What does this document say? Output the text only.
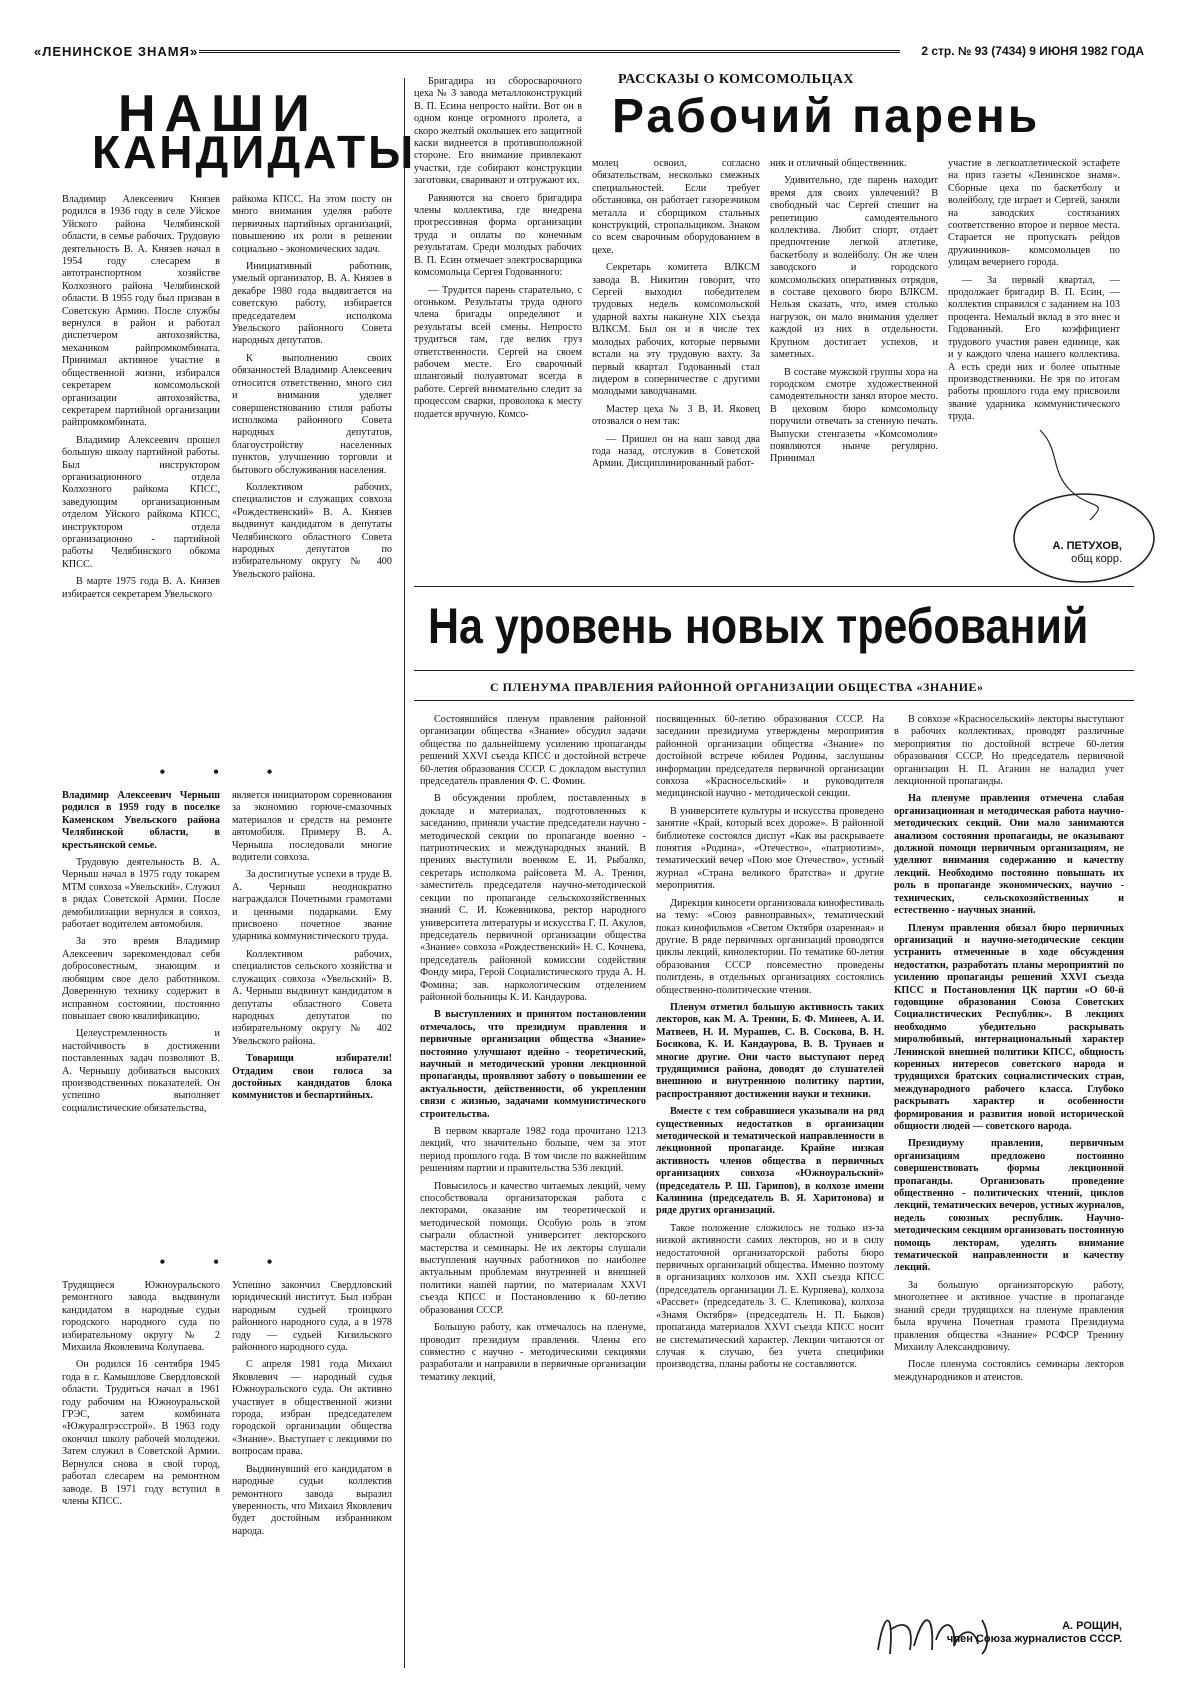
«ЛЕНИНСКОЕ ЗНАМЯ»	2 стр. № 93 (7434) 9 ИЮНЯ 1982 ГОДА
НАШИ
КАНДИДАТЫ

Владимир Алексеевич Князев родился в 1936 году в селе Уйское Уйского района Челябинской области, в семье рабочих. Трудовую деятельность В. А. Князев начал в 1954 году слесарем в автотранспортном хозяйстве Колхозного района Челябинской области. В 1955 году был призван в Советскую Армию. После службы вернулся в район и работал диспетчером автохозяйства, механиком райпромкомбината. Принимал активное участие в общественной жизни, избирался секретарем комсомольской организации автохозяйства, секретарем партийной организации райпромкомбината.

Владимир Алексеевич прошел большую школу партийной работы. Был инструктором организационного отдела Колхозного райкома КПСС, заведующим организационным отделом Уйского райкома КПСС, инструктором отдела организационно - партийной работы Челябинского обкома КПСС.

В марте 1975 года В. А. Князев избирается секретарем Увельского

райкома КПСС. На этом посту он много внимания уделяя работе первичных партийных организаций, повышению их роли в решении социально - экономических задач.

Инициативный работник, умелый организатор, В. А. Князев в декабре 1980 года выдвигается на советскую работу, избирается председателем исполкома Увельского районного Совета народных депутатов.

К выполнению своих обязанностей Владимир Алексеевич относится ответственно, много сил и внимания уделяет совершенствованию стиля работы исполкома районного Совета народных депутатов, благоустройству населенных пунктов, улучшению торговли и бытового обслуживания населения.

Коллективом рабочих, специалистов и служащих совхоза «Рождественский» В. А. Князев выдвинут кандидатом в депутаты Челябинского областного Совета народных депутатов по избирательному округу № 400 Увельского района.

• • •

Владимир Алексеевич Черныш родился в 1959 году в поселке Каменском Увельского района Челябинской области, в крестьянской семье.

Трудовую деятельность В. А. Черныш начал в 1975 году токарем МТМ совхоза «Увельский». Служил в рядах Советской Армии. После демобилизации вернулся в совхоз, работает водителем автомобиля.

За это время Владимир Алексеевич зарекомендовал себя добросовестным, знающим и любящим свое дело работником. Доверенную технику содержит в исправном состоянии, постоянно повышает свою квалификацию.

Целеустремленность и настойчивость в достижении поставленных задач позволяют В. А. Чернышу добиваться высоких производственных показателей. Он успешно выполняет социалистические обязательства,

является инициатором соревнования за экономию горюче-смазочных материалов и средств на ремонте автомобиля. Примеру В. А. Черныша последовали многие водители совхоза.

За достигнутые успехи в труде В. А. Черныш неоднократно награждался Почетными грамотами и ценными подарками. Ему присвоено почетное звание ударника коммунистического труда.

Коллективом рабочих, специалистов сельского хозяйства и служащих совхоза «Увельский» В. А. Черныш выдвинут кандидатом в депутаты областного Совета народных депутатов по избирательному округу № 402 Увельского района.

Товарищи избиратели! Отдадим свои голоса за достойных кандидатов блока коммунистов и беспартийных.

• • •

Трудящиеся Южноуральского ремонтного завода выдвинули кандидатом в народные судьи городского народного суда по избирательному округу № 2 Михаила Яковлевича Колупаева.

Он родился 16 сентября 1945 года в г. Камышлове Свердловской области. Трудиться начал в 1961 году рабочим на Южноуральской ГРЭС, затем комбината «Южуралгрэсстрой». В 1963 году окончил школу рабочей молодежи. Затем служил в Советской Армии. Вернулся снова в свой город, работал слесарем на ремонтном заводе. В 1971 году вступил в члены КПСС.

Успешно закончил Свердловский юридический институт. Был избран народным судьей троицкого районного народного суда, а в 1978 году — судьей Кизильского районного народного суда.

С апреля 1981 года Михаил Яковлевич — народный судья Южноуральского суда. Он активно участвует в общественной жизни города, избран председателем городской организации общества «Знание». Выступает с лекциями по вопросам права.

Выдвинувший его кандидатом в народные судьи коллектив ремонтного завода выразил уверенность, что Михаил Яковлевич будет достойным избранником народа.

РАССКАЗЫ О КОМСОМОЛЬЦАХ
Рабочий парень

Бригадира из сборосварочного цеха № 3 завода металлоконструкций В. П. Есина непросто найти. Вот он в одном конце огромного пролета, а скоро желтый околышек его защитной каски виднеется в противоположной стороне. Его внимание привлекают участки, где собирают конструкции заготовки, сваривают и отгружают их.

Равняются на своего бригадира члены коллектива, где внедрена прогрессивная форма организации труда и оплаты по конечным результатам. Среди молодых рабочих В. П. Есин отмечает электросварщика комсомольца Сергея Годованного:

— Трудится парень старательно, с огоньком. Результаты труда одного члена бригады определяют и результаты всей смены. Непросто трудиться там, где велик груз ответственности. Сергей на своем рабочем месте. Его сварочный шланговый полуавтомат всегда в работе. Сергей внимательно следит за процессом сварки, проволока к месту подается вручную. Комсо-

молец освоил, согласно обязательствам, несколько смежных специальностей. Если требует обстановка, он работает газорезчиком металла и сборщиком стальных конструкций, стропальщиком. Знаком со всем сварочным оборудованием в цехе.

Секретарь комитета ВЛКСМ завода В. Никитин говорит, что Сергей выходил победителем трудовых недель комсомольской ударной вахты накануне XIX съезда ВЛКСМ. Был он и в числе тех молодых рабочих, которые первыми встали на эту трудовую вахту. За первый квартал Годованный стал лидером в соперничестве с другими молодыми заводчанами.

Мастер цеха № 3 В. И. Яковец отозвался о нем так:

— Пришел он на наш завод два года назад, отслужив в Советской Армии. Дисциплинированный работ-

ник и отличный общественник.

Удивительно, где парень находит время для своих увлечений? В свободный час Сергей спешит на репетицию самодеятельного коллектива. Любит спорт, отдает предпочтение легкой атлетике, баскетболу и волейболу. Он же член заводского и городского комсомольских оперативных отрядов, в составе цехового бюро ВЛКСМ. Нельзя сказать, что, имея столько нагрузок, он мало внимания уделяет каждой из них в отдельности. Крупном достигает успехов, и заметных.

В составе мужской группы хора на городском смотре художественной самодеятельности занял второе место. В цеховом бюро комсомольцу поручили отвечать за стенную печать. Выпуски стенгазеты «Комсомолия» появляются нынче регулярно. Принимал

участие в легкоатлетической эстафете на приз газеты «Ленинское знамя». Сборные цеха по баскетболу и волейболу, где играет и Сергей, заняли на заводских состязаниях соответственно второе и первое места. Старается не пропускать рейдов дружинников- комсомольцев по улицам вечернего города.

— За первый квартал, — продолжает бригадир В. П. Есин, — коллектив справился с заданием на 103 процента. Немалый вклад в это внес и Годованный. Его коэффициент трудового участия равен единице, как и у каждого члена нашего коллектива. А есть среди них и более опытные производственники. Не зря по итогам работы прошлого года ему присвоили звание ударника коммунистического труда.

А. ПЕТУХОВ,
общ корр.
На уровень новых требований
С ПЛЕНУМА ПРАВЛЕНИЯ РАЙОННОЙ ОРГАНИЗАЦИИ ОБЩЕСТВА «ЗНАНИЕ»

Состоявшийся пленум правления районной организации общества «Знание» обсудил задачи общества по дальнейшему усилению пропаганды решений XXVI съезда КПСС и достойной встрече 60-летия образования СССР. С докладом выступил председатель правления Ф. С. Фомин.

В обсуждении проблем, поставленных в докладе и материалах, подготовленных к заседанию, приняли участие председатели научно - методической секции по пропаганде военно - патриотических и международных знаний. В прениях выступили военком Е. И. Рыбалко, секретарь исполкома райсовета М. А. Тренин, заместитель председателя научно-методической секции по пропаганде сельскохозяйственных знаний С. И. Кожевникова, ректор народного университета литературы и искусства Г. П. Акулов, председатель первичной организации общества «Знание» совхоза «Рождественский» Н. С. Кочнева, председатель районной комиссии содействия Фонду мира, Герой Социалистического труда А. Н. Фомина; зав. наркологическим отделением районной больницы К. И. Кандаурова.

В выступлениях и принятом постановлении отмечалось, что президиум правления и первичные организации общества «Знание» постоянно улучшают идейно - теоретический, научный и методический уровни лекционной пропаганды, проявляют заботу о повышении ее актуальности, действенности, об укреплении связи с жизнью, задачами коммунистического строительства.

В первом квартале 1982 года прочитано 1213 лекций, что значительно больше, чем за этот период прошлого года. В том числе по важнейшим решениям партии и правительства 536 лекций.

Повысилось и качество читаемых лекций, чему способствовала организаторская работа с лекторами, оказание им теоретической и методической помощи. Особую роль в этом сыграли областной университет лекторского мастерства и семинары. Не их лекторы слушали выступления научных работников по наиболее актуальным проблемам внутренней и внешней политики нашей партии, по материалам XXVI съезда КПСС и Постановлению к 60-летию образования СССР.

Большую работу, как отмечалось на пленуме, проводит президиум правления. Члены его совместно с научно - методическими секциями разработали и направили в первичные организации тематику лекций,

посвященных 60-летию образования СССР. На заседании президиума утверждены мероприятия районной организации общества «Знание» по достойной встрече юбилея Родины, заслушаны информации председателя первичной организации совхоза «Красносельский» и руководителя медицинской научно - методической секции.

В университете культуры и искусства проведено занятие «Край, который всех дороже». В районной библиотеке состоялся диспут «Как вы раскрываете понятия «Родина», «Отечество», «патриотизм», тематический вечер «Пою мое Отечество», устный журнал «Страна великого братства» и другие мероприятия.

Дирекция киносети организовала кинофестиваль на тему: «Союз равноправных», тематический показ кинофильмов «Светом Октября озаренная» и другие. В ряде первичных организаций проводятся циклы лекций, кинолектории. По тематике 60-летия образования СССР повсеместно проведены политдень, в отдельных организациях состоялись общественно-политические чтения.

Пленум отметил большую активность таких лекторов, как М. А. Тренин, Б. Ф. Минеев, А. И. Матвеев, Н. И. Мурашев, С. В. Соскова, В. Н. Босякова, К. И. Кандаурова, В. В. Трунаев и многие другие. Они часто выступают перед трудящимися района, доводят до слушателей внешнюю и внутреннюю политику партии, распространяют достижения науки и техники.

Вместе с тем собравшиеся указывали на ряд существенных недостатков в организации методической и тематической направленности в лекционной пропаганде. Крайне низкая активность членов общества в первичных организациях совхоза «Южноуральский» (председатель Р. Ш. Гарипов), в колхозе имени Калинина (председатель В. Я. Харитонова) и ряде других организаций.

Такое положение сложилось не только из-за низкой активности самих лекторов, но и в силу недостаточной организаторской работы бюро первичных организаций общества. Именно поэтому в организациях колхозов им. XXII съезда КПСС (председатель организации Л. Е. Курпяева), колхоза «Рассвет» (председатель З. С. Клепикова), колхоза «Знамя Октября» (председатель Н. П. Быков) пропаганда материалов XXVI съезда КПСС носит не систематический характер. Лекции читаются от случая к случаю, без учета специфики производства, планы работы не составляются.

В совхозе «Красносельский» лекторы выступают в рабочих коллективах, проводят различные мероприятия по достойной встрече 60-летия образования СССР. Но председатель первичной организации Н. П. Аганин не наладил учет лекционной пропаганды.

На пленуме правления отмечена слабая организационная и методическая работа научно-методических секций. Они мало занимаются анализом состояния пропаганды, не оказывают должной помощи первичным организациям, не уделяют внимания содержанию и качеству лекций. Необходимо постоянно повышать их роль в пропаганде экономических, научно - технических, сельскохозяйственных и естественно - научных знаний.

Пленум правления обязал бюро первичных организаций и научно-методические секции устранить отмеченные в ходе обсуждения недостатки, разработать планы мероприятий по усилению пропаганды решений XXVI съезда КПСС и Постановления ЦК партии «О 60-й годовщине образования Союза Советских Социалистических Республик». В лекциях необходимо убедительно раскрывать миролюбивый, интернациональный характер Ленинской внешней политики КПСС, общность коренных интересов советского народа и трудящихся братских социалистических стран, международного рабочего класса. Глубоко раскрывать характер и особенности формирования и развития новой исторической общности людей — советского народа.

Президиуму правления, первичным организациям предложено постоянно совершенствовать формы лекционной пропаганды. Организовать проведение общественно - политических чтений, циклов лекций, тематических вечеров, устных журналов, недель союзных республик. Научно-методическим секциям организовать постоянную помощь лекторам, уделять внимание тематической направленности и качеству лекций.

За большую организаторскую работу, многолетнее и активное участие в пропаганде знаний среди трудящихся на пленуме правления была вручена Почетная грамота Президиума правления общества «Знание» РСФСР Тренину Михаилу Александровичу.

После пленума состоялись семинары лекторов международников и атеистов.

А. РОЩИН,
член Союза журналистов СССР.
